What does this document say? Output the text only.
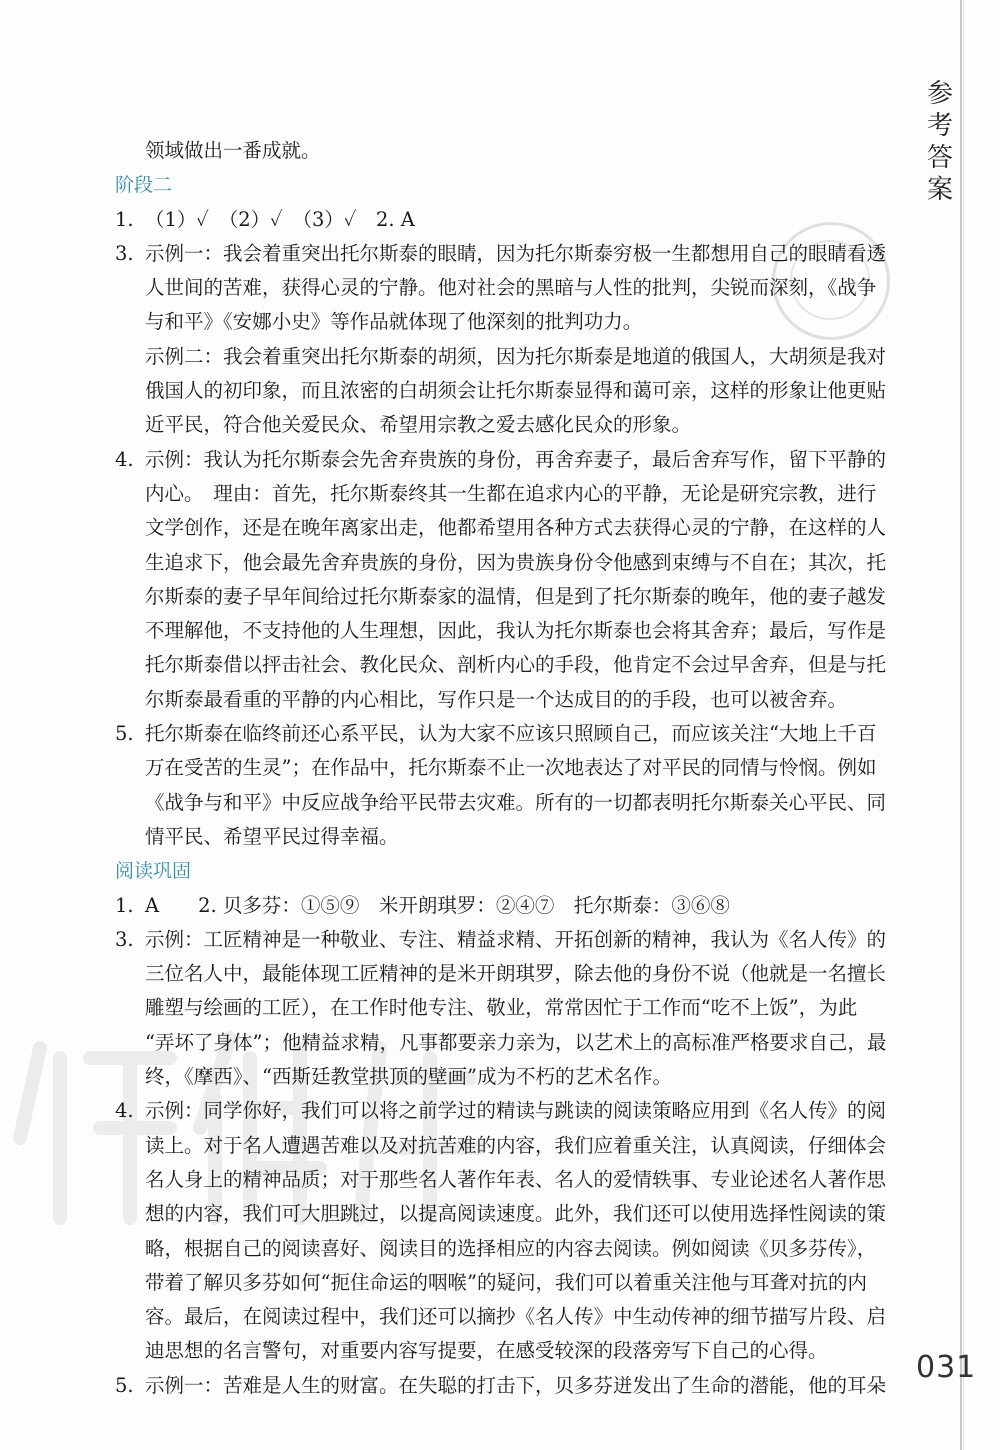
参
考
答
案
领域做出一番成就。
阶段二
1. （1）✓　（2）✓　（3）✓　2. A
3. 示例一：我会着重突出托尔斯泰的眼睛，因为托尔斯泰穷极一生都想用自己的眼睛看透
人世间的苦难，获得心灵的宁静。他对社会的黑暗与人性的批判，尖锐而深刻，《战争
与和平》《安娜小史》等作品就体现了他深刻的批判功力。
示例二：我会着重突出托尔斯泰的胡须，因为托尔斯泰是地道的俄国人，大胡须是我对
俄国人的初印象，而且浓密的白胡须会让托尔斯泰显得和蔼可亲，这样的形象让他更贴
近平民，符合他关爱民众、希望用宗教之爱去感化民众的形象。
4. 示例：我认为托尔斯泰会先舍弃贵族的身份，再舍弃妻子，最后舍弃写作，留下平静的
内心。　理由：首先，托尔斯泰终其一生都在追求内心的平静，无论是研究宗教，进行
文学创作，还是在晚年离家出走，他都希望用各种方式去获得心灵的宁静，在这样的人
生追求下，他会最先舍弃贵族的身份，因为贵族身份令他感到束缚与不自在；其次，托
尔斯泰的妻子早年间给过托尔斯泰家的温情，但是到了托尔斯泰的晚年，他的妻子越发
不理解他，不支持他的人生理想，因此，我认为托尔斯泰也会将其舍弃；最后，写作是
托尔斯泰借以抨击社会、教化民众、剖析内心的手段，他肯定不会过早舍弃，但是与托
尔斯泰最看重的平静的内心相比，写作只是一个达成目的的手段，也可以被舍弃。
5. 托尔斯泰在临终前还心系平民，认为大家不应该只照顾自己，而应该关注“大地上千百
万在受苦的生灵”；在作品中，托尔斯泰不止一次地表达了对平民的同情与怜悯。例如
《战争与和平》中反应战争给平民带去灾难。所有的一切都表明托尔斯泰关心平民、同
情平民、希望平民过得幸福。
阅读巩固
1. A　　2. 贝多芬：①⑤⑨　米开朗琪罗：②④⑦　托尔斯泰：③⑥⑧
3. 示例：工匠精神是一种敬业、专注、精益求精、开拓创新的精神，我认为《名人传》的
三位名人中，最能体现工匠精神的是米开朗琪罗，除去他的身份不说（他就是一名擅长
雕塑与绘画的工匠），在工作时他专注、敬业，常常因忙于工作而“吃不上饭”，为此
“弄坏了身体”；他精益求精，凡事都要亲力亲为，以艺术上的高标准严格要求自己，最
终，《摩西》、“西斯廷教堂拱顶的壁画”成为不朽的艺术名作。
4. 示例：同学你好，我们可以将之前学过的精读与跳读的阅读策略应用到《名人传》的阅
读上。对于名人遭遇苦难以及对抗苦难的内容，我们应着重关注，认真阅读，仔细体会
名人身上的精神品质；对于那些名人著作年表、名人的爱情轶事、专业论述名人著作思
想的内容，我们可大胆跳过，以提高阅读速度。此外，我们还可以使用选择性阅读的策
略，根据自己的阅读喜好、阅读目的选择相应的内容去阅读。例如阅读《贝多芬传》，
带着了解贝多芬如何“扼住命运的咽喉”的疑问，我们可以着重关注他与耳聋对抗的内
容。最后，在阅读过程中，我们还可以摘抄《名人传》中生动传神的细节描写片段、启
迪思想的名言警句，对重要内容写提要，在感受较深的段落旁写下自己的心得。
5. 示例一：苦难是人生的财富。在失聪的打击下，贝多芬迸发出了生命的潜能，他的耳朵
031
